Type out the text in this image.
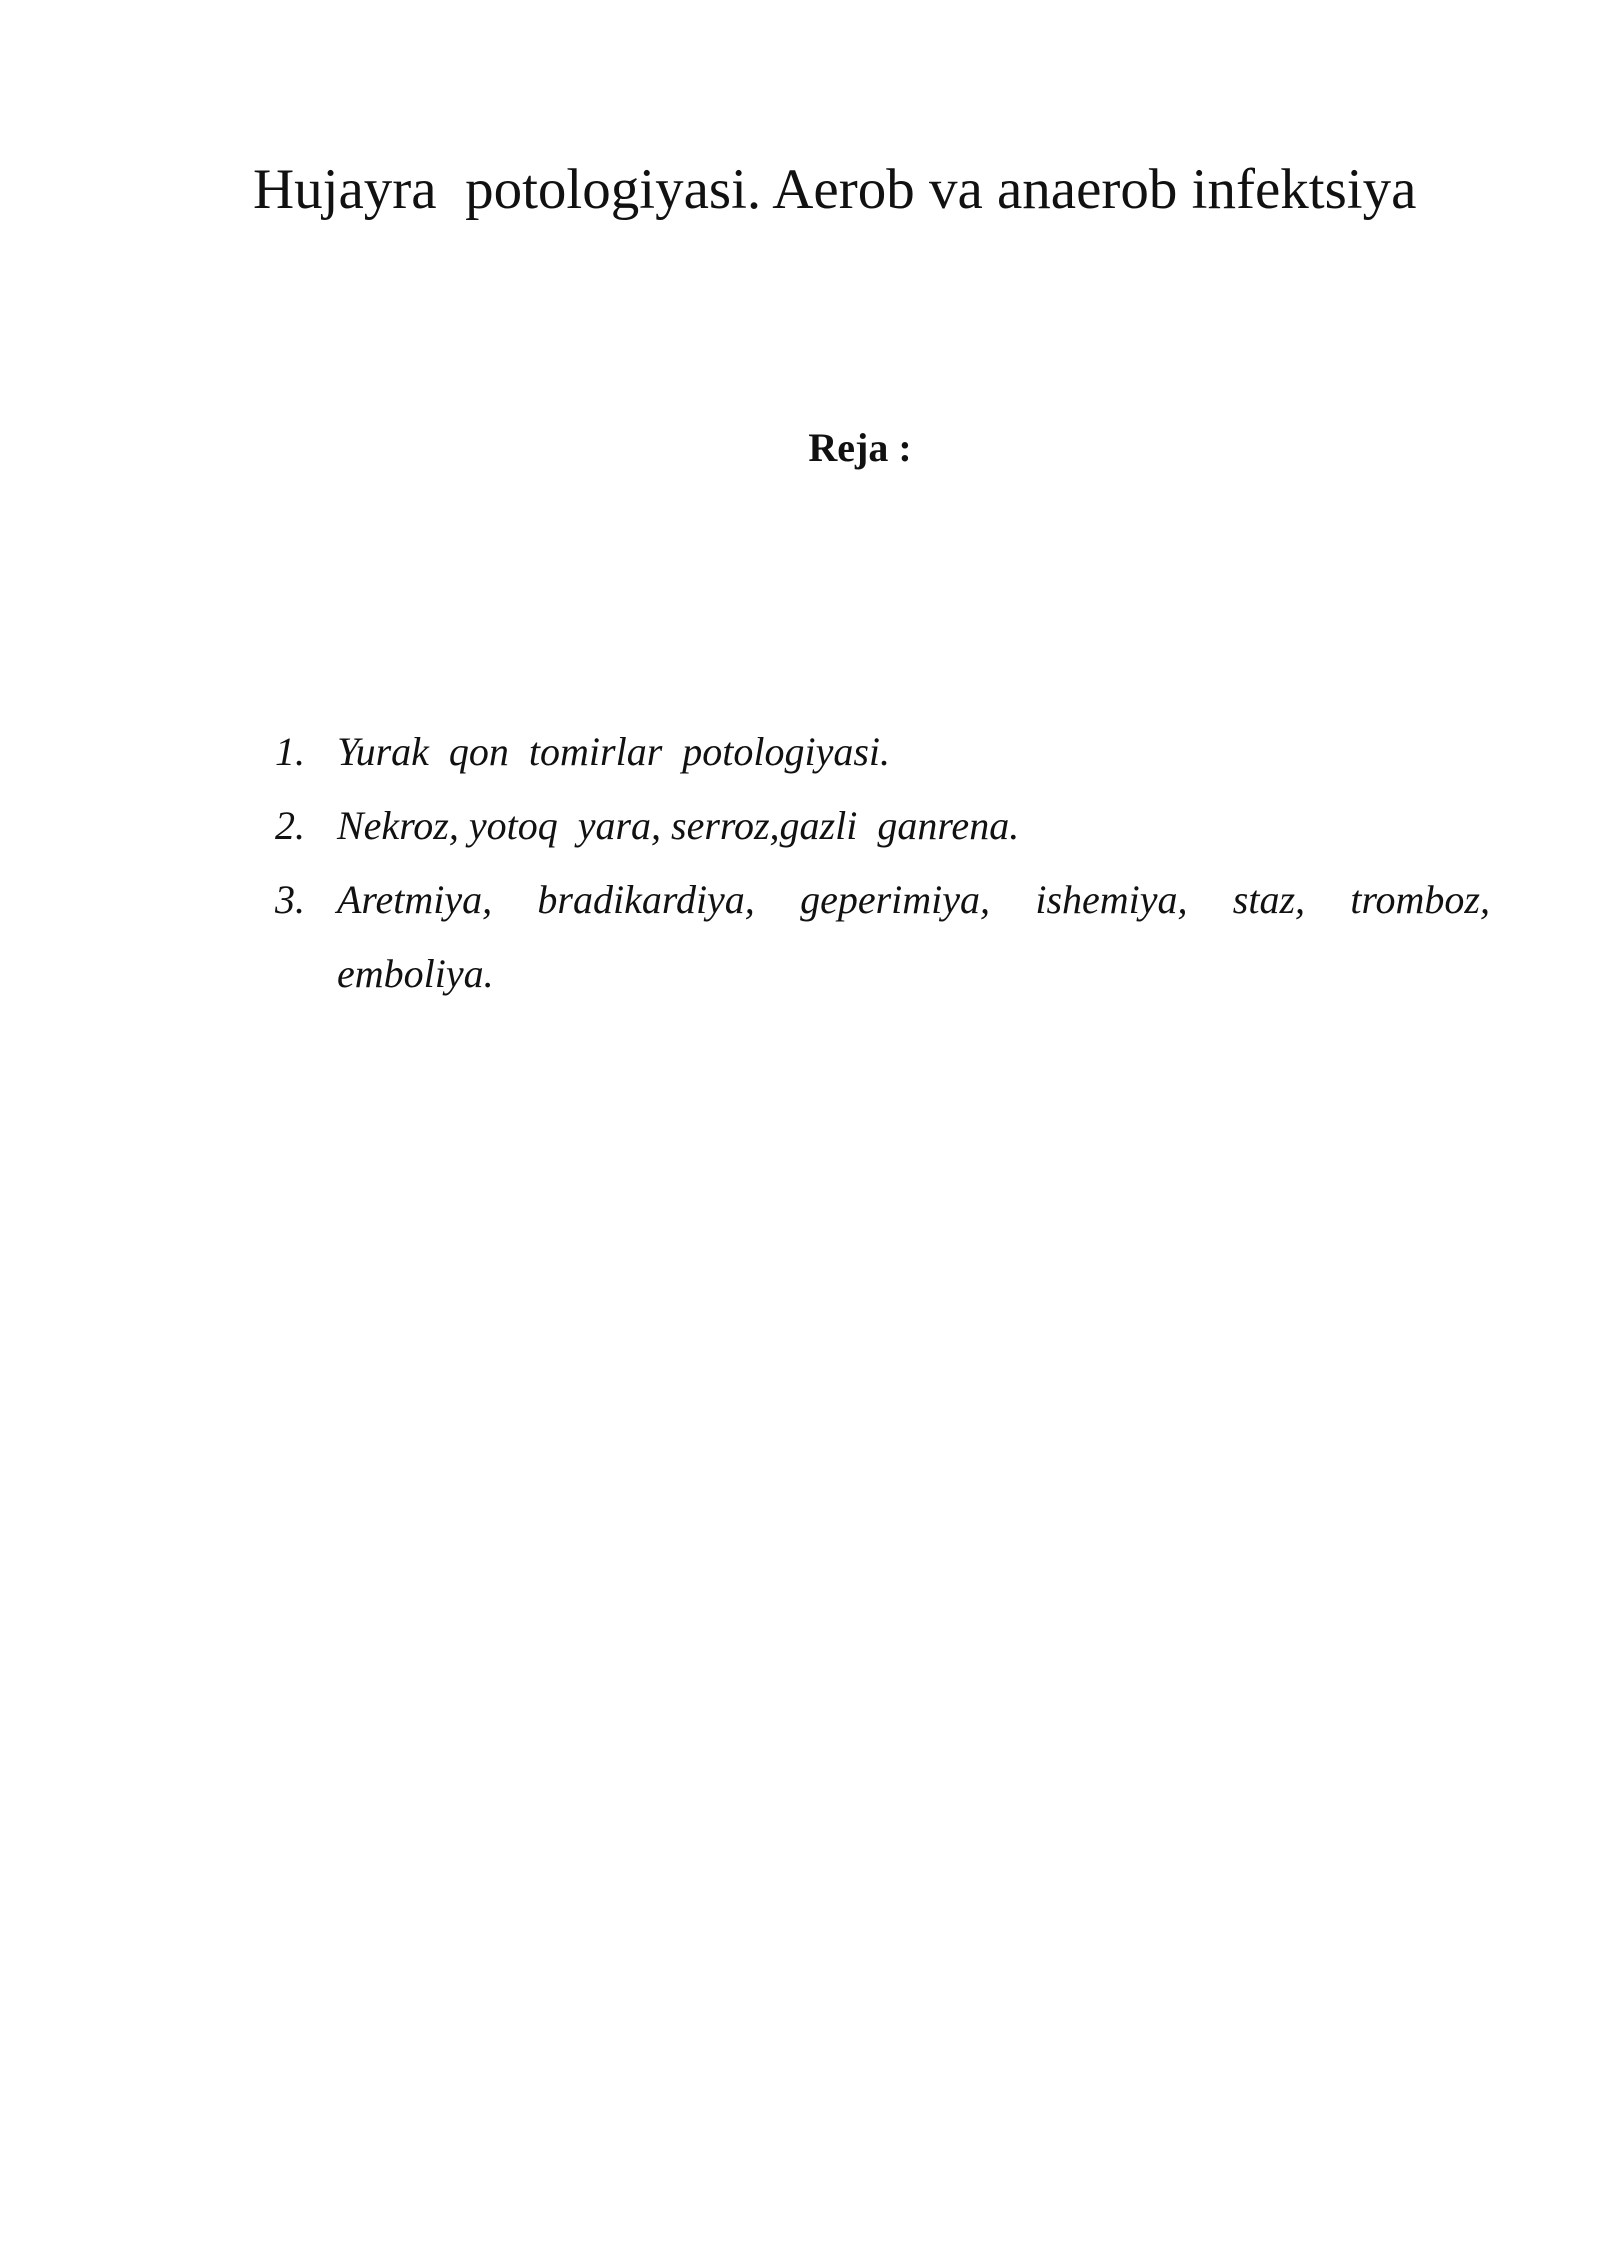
Hujayra  potologiyasi. Aerob va anaerob infektsiya
Reja :
1. Yurak  qon  tomirlar  potologiyasi.
2. Nekroz, yotoq  yara, serroz,gazli  ganrena.
3. Aretmiya, bradikardiya, geperimiya, ishemiya, staz, tromboz, emboliya.
